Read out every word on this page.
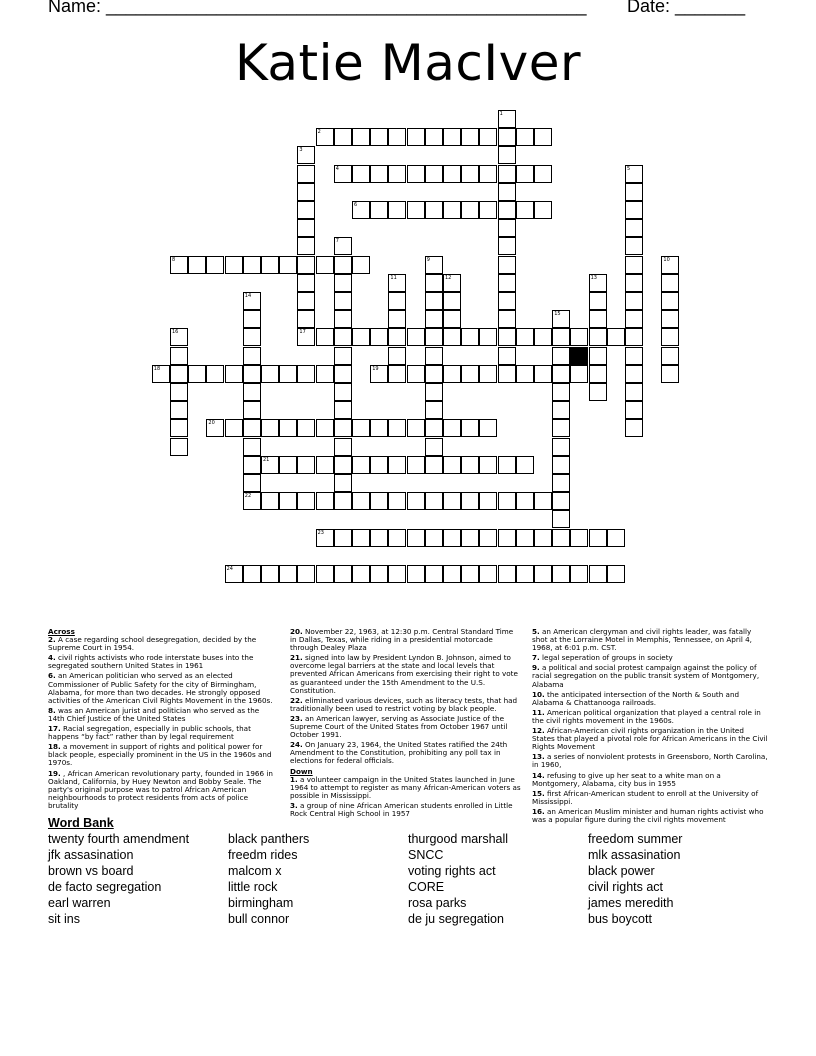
Name: ________________________________________________ Date: _______
Katie MacIver
1
2
3
17
4	5
6
7
8	9	10
11	12	13
14
22
15
16
18	19
20
21
23
24
Across
2. A case regarding school desegregation, decided by the Supreme Court in 1954.
4. civil rights activists who rode interstate buses into the segregated southern United States in 1961
6. an American politician who served as an elected Commissioner of Public Safety for the city of Birmingham, Alabama, for more than two decades. He strongly opposed activities of the American Civil Rights Movement in the 1960s.
8. was an American jurist and politician who served as the 14th Chief Justice of the United States
17. Racial segregation, especially in public schools, that happens “by fact” rather than by legal requirement
18. a movement in support of rights and political power for black people, especially prominent in the US in the 1960s and 1970s.
19. , African American revolutionary party, founded in 1966 in Oakland, California, by Huey Newton and Bobby Seale. The party's original purpose was to patrol African American neighbourhoods to protect residents from acts of police brutality
20. November 22, 1963, at 12:30 p.m. Central Standard Time in Dallas, Texas, while riding in a presidential motorcade through Dealey Plaza
21. signed into law by President Lyndon B. Johnson, aimed to overcome legal barriers at the state and local levels that prevented African Americans from exercising their right to vote as guaranteed under the 15th Amendment to the U.S. Constitution.
22. eliminated various devices, such as literacy tests, that had traditionally been used to restrict voting by black people.
23. an American lawyer, serving as Associate Justice of the Supreme Court of the United States from October 1967 until October 1991.
24. On January 23, 1964, the United States ratified the 24th Amendment to the Constitution, prohibiting any poll tax in elections for federal officials.
Down
1. a volunteer campaign in the United States launched in June 1964 to attempt to register as many African-American voters as possible in Mississippi.
3. a group of nine African American students enrolled in Little Rock Central High School in 1957
5. an American clergyman and civil rights leader, was fatally shot at the Lorraine Motel in Memphis, Tennessee, on April 4, 1968, at 6:01 p.m. CST.
7. legal seperation of groups in society
9. a political and social protest campaign against the policy of racial segregation on the public transit system of Montgomery, Alabama
10. the anticipated intersection of the North & South and Alabama & Chattanooga railroads.
11. American political organization that played a central role in the civil rights movement in the 1960s.
12. African-American civil rights organization in the United States that played a pivotal role for African Americans in the Civil Rights Movement
13. a series of nonviolent protests in Greensboro, North Carolina, in 1960,
14. refusing to give up her seat to a white man on a Montgomery, Alabama, city bus in 1955
15. first African-American student to enroll at the University of Mississippi.
16. an American Muslim minister and human rights activist who was a popular figure during the civil rights movement
Word Bank
twenty fourth amendment
jfk assasination
brown vs board
de facto segregation
earl warren
sit ins
black panthers
freedm rides
malcom x
little rock
birmingham
bull connor
thurgood marshall
SNCC
voting rights act
CORE
rosa parks
de ju segregation
freedom summer
mlk assasination
black power
civil rights act
james meredith
bus boycott
